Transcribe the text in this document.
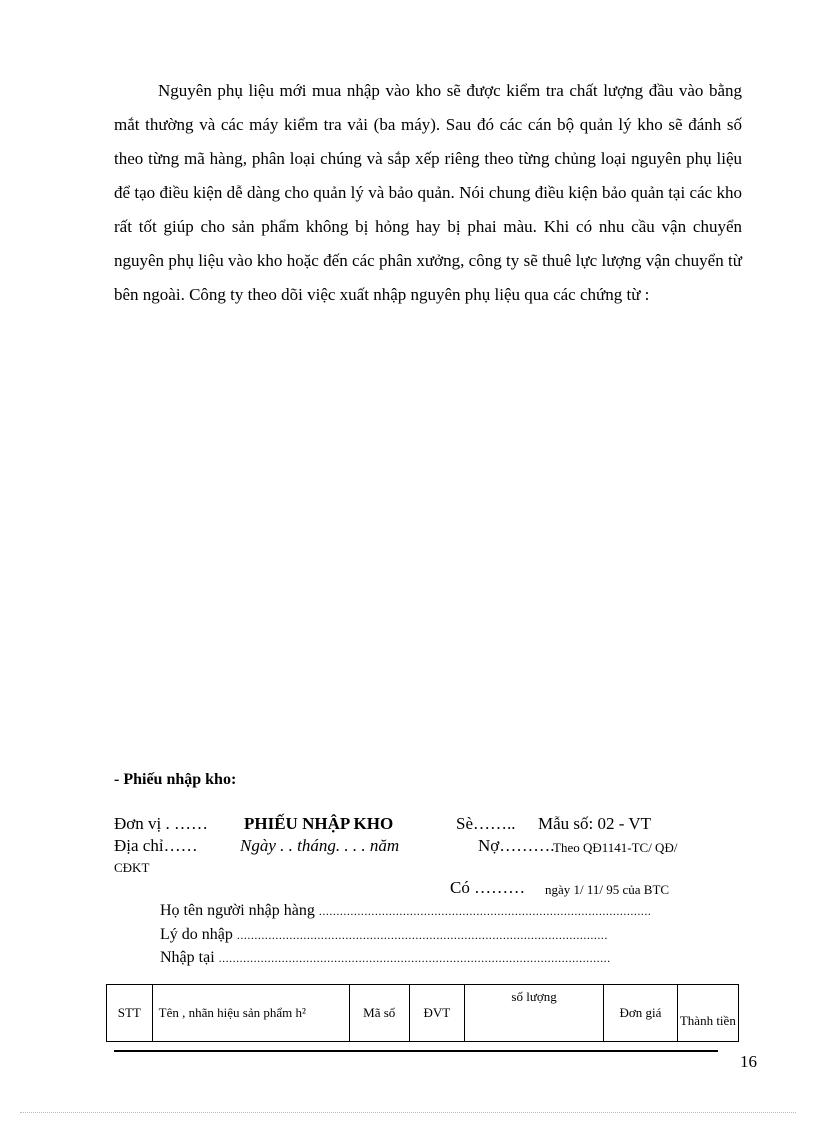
Nguyên phụ liệu mới mua nhập vào kho sẽ được kiểm tra chất lượng đầu vào bằng mắt thường và các máy kiểm tra vải (ba máy). Sau đó các cán bộ quản lý kho sẽ đánh số theo từng mã hàng, phân loại chúng và sắp xếp riêng theo từng chủng loại nguyên phụ liệu để tạo điều kiện dễ dàng cho quản lý và bảo quản. Nói chung điều kiện bảo quản tại các kho rất tốt giúp cho sản phẩm không bị hỏng hay bị phai màu. Khi có nhu cầu vận chuyển nguyên phụ liệu vào kho hoặc đến các phân xưởng, công ty sẽ thuê lực lượng vận chuyển từ bên ngoài. Công ty theo dõi việc xuất nhập nguyên phụ liệu qua các chứng từ :

- Phiếu nhập kho:
Đơn vị . …… PHIẾU NHẬP KHO	Sè…….. Mẫu số: 02 - VT
Địa chỉ…… Ngày . . tháng. . . . năm	Nợ……….
Theo QĐ1141-TC/ QĐ/
CĐKT
Có ……… ngày 1/ 11/ 95 của BTC
Họ tên người nhập hàng ...............................................................................................
Lý do nhập ..........................................................................................................
Nhập tại ................................................................................................................
STT	Tên , nhãn hiệu sản phẩm h²	Mã số	ĐVT	số lượng	Đơn giá	Thành tiền
16
